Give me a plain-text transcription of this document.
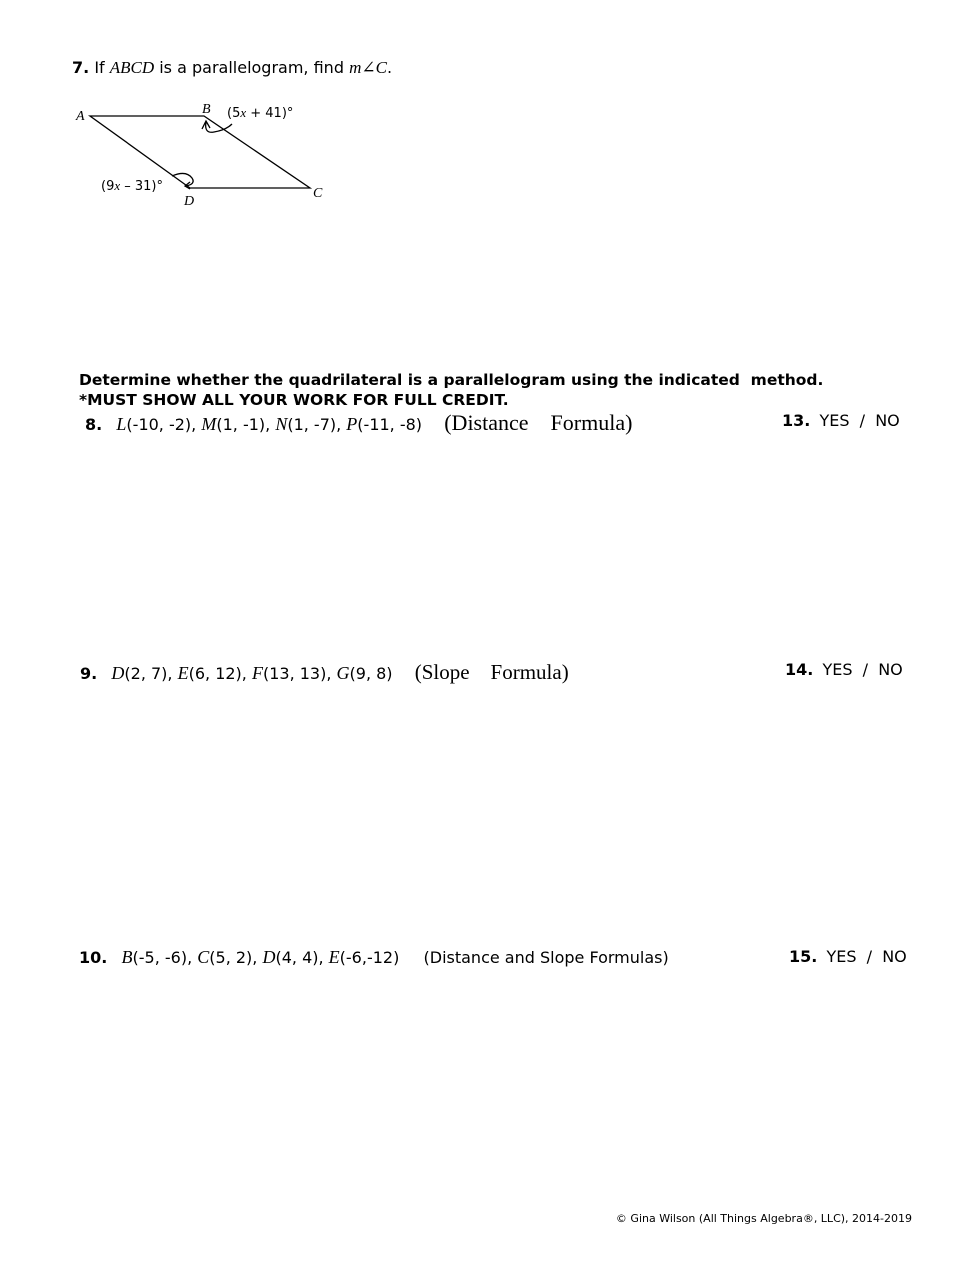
7. If ABCD is a parallelogram, find m∠C.
A	B
C
D
(5x + 41)°
(9x – 31)°
Determine whether the quadrilateral is a parallelogram using the indicated  method.
*MUST SHOW ALL YOUR WORK FOR FULL CREDIT.
8. L(-10, -2), M(1, -1), N(1, -7), P(-11, -8) (Distance    Formula)	13. YES  /  NO
9. D(2, 7), E(6, 12), F(13, 13), G(9, 8) (Slope    Formula)	14. YES  /  NO
10. B(-5, -6), C(5, 2), D(4, 4), E(-6,-12) (Distance and Slope Formulas)	15. YES  /  NO
© Gina Wilson (All Things Algebra®, LLC), 2014-2019
